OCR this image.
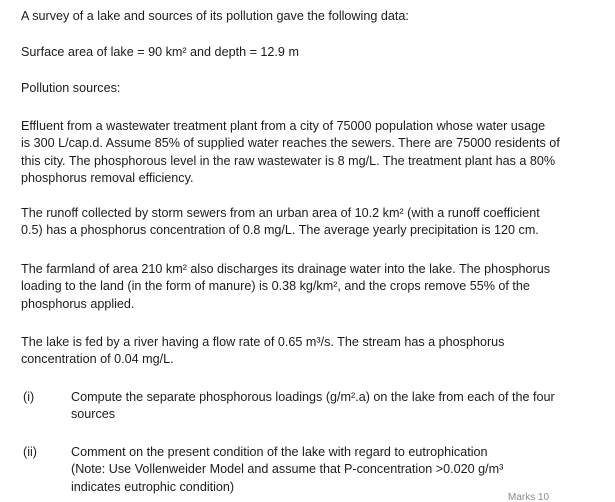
A survey of a lake and sources of its pollution gave the following data:
Surface area of lake = 90 km² and depth = 12.9 m
Pollution sources:
Effluent from a wastewater treatment plant from a city of 75000 population whose water usage
is 300 L/cap.d. Assume 85% of supplied water reaches the sewers. There are 75000 residents of
this city. The phosphorous level in the raw wastewater is 8 mg/L. The treatment plant has a 80%
phosphorus removal efficiency.
The runoff collected by storm sewers from an urban area of 10.2 km² (with a runoff coefficient
0.5) has a phosphorus concentration of 0.8 mg/L. The average yearly precipitation is 120 cm.
The farmland of area 210 km² also discharges its drainage water into the lake. The phosphorus
loading to the land (in the form of manure) is 0.38 kg/km², and the crops remove 55% of the
phosphorus applied.
The lake is fed by a river having a flow rate of 0.65 m³/s. The stream has a phosphorus
concentration of 0.04 mg/L.
(i)	Compute the separate phosphorous loadings (g/m².a) on the lake from each of the four
sources
(ii)	Comment on the present condition of the lake with regard to eutrophication
(Note: Use Vollenweider Model and assume that P-concentration >0.020 g/m³
indicates eutrophic condition)
Marks 10
